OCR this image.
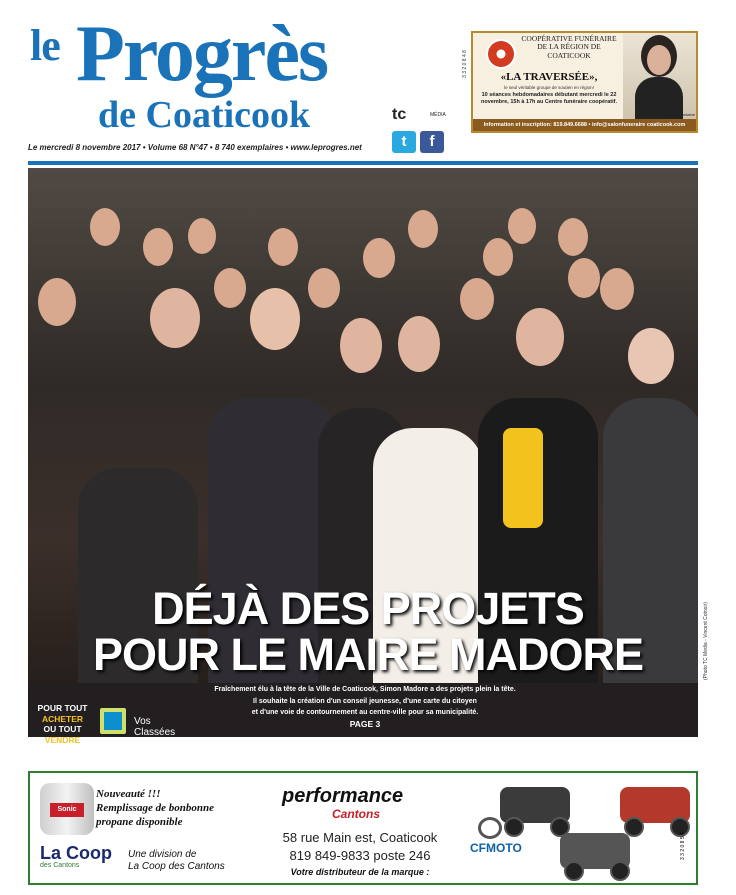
le Progrès
de Coaticook
Le mercredi 8 novembre 2017 • Volume 68 N°47 • 8 740 exemplaires • www.leprogres.net
tc	MÉDIA
t	f
3 3 2 0 8 4 8
COOPÉRATIVE FUNÉRAIRE DE LA RÉGION DE COATICOOK
«LA TRAVERSÉE»,
le seul véritable groupe de soutien en région!
10 séances hebdomadaires débutant mercredi le 22 novembre, 15h à 17h au Centre funéraire coopératif.
Jeanne Fontaine
Information et inscription: 819.849.6688 • info@salonfuneraire coaticook.com
(Photo TC Media - Vincent Cotnoir)
DÉJÀ DES PROJETS
POUR LE MAIRE MADORE
Fraîchement élu à la tête de la Ville de Coaticook, Simon Madore a des projets plein la tête.
Il souhaite la création d'un conseil jeunesse, d'une carte du citoyen
et d'une voie de contournement au centre-ville pour sa municipalité.
PAGE 3
POUR TOUT
ACHETER
OU TOUT
VENDRE
Vos
Classées
Sonic
Nouveauté !!!
Remplissage de bonbonne
propane disponible
La Coop
des Cantons
Une division de
La Coop des Cantons
performance
Cantons
58 rue Main est, Coaticook
819 849-9833 poste 246
Votre distributeur de la marque :
CFMOTO	3 3 2 0 8 5 4
